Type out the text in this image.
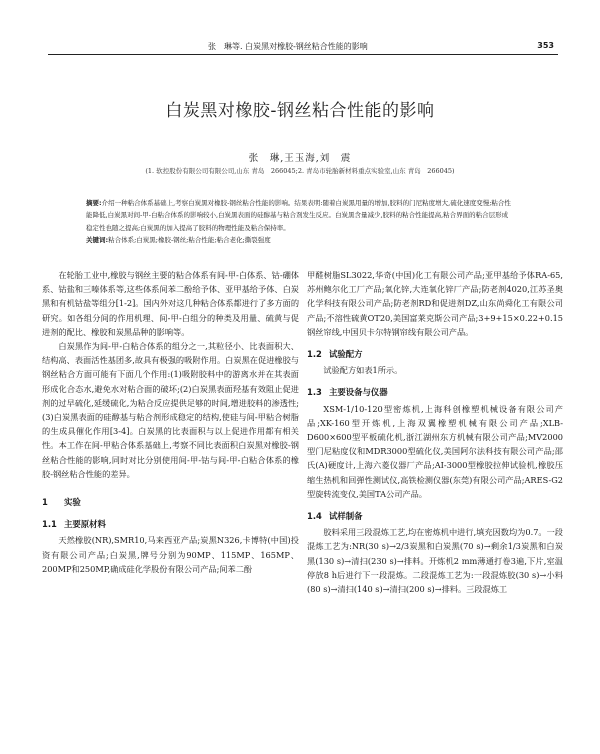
张　琳等. 白炭黑对橡胶-钢丝粘合性能的影响	353
白炭黑对橡胶-钢丝粘合性能的影响
张　琳,王玉海,刘　震
(1. 软控股份有限公司有限公司,山东 青岛　266045;2. 青岛市轮胎新材料重点实验室,山东 青岛　266045)
摘要:介绍一种粘合体系基础上,考察白炭黑对橡胶-钢丝粘合性能的影响。结果表明:随着白炭黑用量的增加,胶料的门尼粘度增大,硫化速度变慢;粘合性能降低,白炭黑对间-甲-白粘合体系的影响较小,白炭黑表面的硅醇基与粘合剂发生反应。白炭黑含量减少,胶料的粘合性能提高,粘合界面的粘合层形成稳定性也随之提高;白炭黑的加入提高了胶料的物理性能及粘合保持率。
关键词:粘合体系;白炭黑;橡胶-钢丝;粘合性能;粘合老化;撕裂强度

在轮胎工业中,橡胶与钢丝主要的粘合体系有间-甲-白体系、钴-硼体系、钴盐和三嗪体系等,这些体系间苯二酚给予体、亚甲基给予体、白炭黑和有机钴盐等组分[1-2]。国内外对这几种粘合体系都进行了多方面的研究。如各组分间的作用机理、间-甲-白组分的种类及用量、硫黄与促进剂的配比、橡胶和炭黑品种的影响等。

白炭黑作为间-甲-白粘合体系的组分之一,其粒径小、比表面积大、结构高、表面活性基团多,故具有极强的吸附作用。白炭黑在促进橡胶与钢丝粘合方面可能有下面几个作用:(1)吸附胶料中的游离水并在其表面形成化合态水,避免水对粘合面的破坏;(2)白炭黑表面羟基有效阻止促进剂的过早硫化,延缓硫化,为粘合反应提供足够的时间,增进胶料的渗透性;(3)白炭黑表面的硅醇基与粘合剂形成稳定的结构,使硅与间-甲粘合树脂的生成具催化作用[3-4]。白炭黑的比表面积与以上促进作用都有相关性。本工作在间-甲粘合体系基础上,考察不同比表面积白炭黑对橡胶-钢丝粘合性能的影响,同时对比分别使用间-甲-钴与间-甲-白粘合体系的橡胶-钢丝粘合性能的差异。

1 实验
1.1 主要原材料

天然橡胶(NR),SMR10,马来西亚产品;炭黑N326,卡博特(中国)投资有限公司产品;白炭黑,牌号分别为90MP、115MP、165MP、200MP和250MP,确成硅化学股份有限公司产品;间苯二酚

甲醛树脂SL3022,华奇(中国)化工有限公司产品;亚甲基给予体RA-65,苏州鲍尔化工厂产品;氧化锌,大连氧化锌厂产品;防老剂4020,江苏圣奥化学科技有限公司产品;防老剂RD和促进剂DZ,山东尚舜化工有限公司产品;不溶性硫黄OT20,美国富莱克斯公司产品;3+9+15×0.22+0.15钢丝帘线,中国贝卡尔特钢帘线有限公司产品。

1.2 试验配方

试验配方如表1所示。

1.3 主要设备与仪器

XSM-1/10-120型密炼机,上海科创橡塑机械设备有限公司产品;XK-160型开炼机,上海双翼橡塑机械有限公司产品;XLB-D600×600型平板硫化机,浙江湖州东方机械有限公司产品;MV2000型门尼粘度仪和MDR3000型硫化仪,美国阿尔法科技有限公司产品;邵氏(A)硬度计,上海六菱仪器厂产品;AI-3000型橡胶拉伸试验机,橡胶压缩生热机和回弹性测试仪,高铁检测仪器(东莞)有限公司产品;ARES-G2型旋转流变仪,美国TA公司产品。

1.4 试样制备

胶料采用三段混炼工艺,均在密炼机中进行,填充因数均为0.7。一段混炼工艺为:NR(30 s)→2/3炭黑和白炭黑(70 s)→剩余1/3炭黑和白炭黑(130 s)→清扫(230 s)→排料。开炼机2 mm薄通打卷3遍,下片,室温停放8 h后进行下一段混炼。二段混炼工艺为:一段混炼胶(30 s)→小料(80 s)→清扫(140 s)→清扫(200 s)→排料。三段混炼工
